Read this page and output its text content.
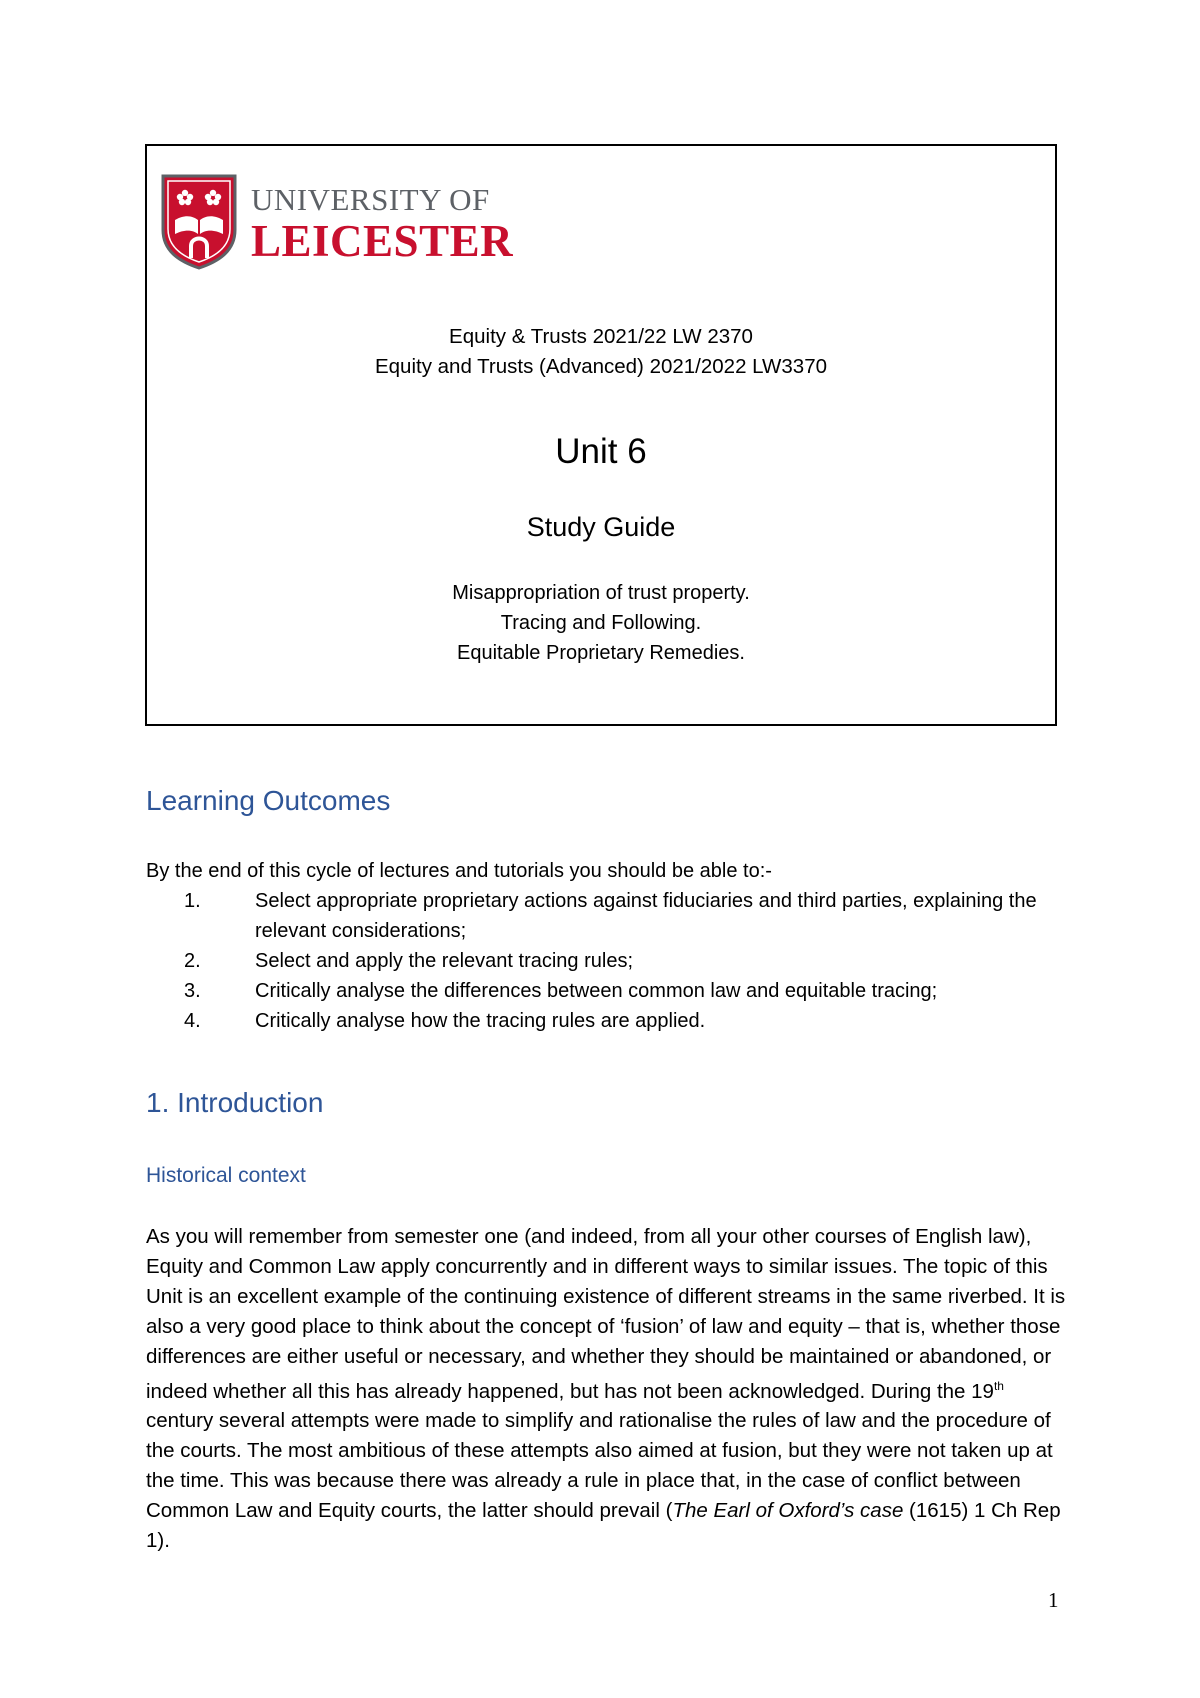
UNIVERSITY OF
LEICESTER
Equity & Trusts 2021/22 LW 2370
Equity and Trusts (Advanced) 2021/2022 LW3370
Unit 6
Study Guide
Misappropriation of trust property.
Tracing and Following.
Equitable Proprietary Remedies.
Learning Outcomes
By the end of this cycle of lectures and tutorials you should be able to:-
1.	Select appropriate proprietary actions against fiduciaries and third parties, explaining the relevant considerations;
2.	Select and apply the relevant tracing rules;
3.	Critically analyse the differences between common law and equitable tracing;
4.	Critically analyse how the tracing rules are applied.
1. Introduction
Historical context

As you will remember from semester one (and indeed, from all your other courses of English law), Equity and Common Law apply concurrently and in different ways to similar issues. The topic of this Unit is an excellent example of the continuing existence of different streams in the same riverbed. It is also a very good place to think about the concept of ‘fusion’ of law and equity – that is, whether those differences are either useful or necessary, and whether they should be maintained or abandoned, or indeed whether all this has already happened, but has not been acknowledged. During the 19th century several attempts were made to simplify and rationalise the rules of law and the procedure of the courts. The most ambitious of these attempts also aimed at fusion, but they were not taken up at the time. This was because there was already a rule in place that, in the case of conflict between Common Law and Equity courts, the latter should prevail (The Earl of Oxford’s case (1615) 1 Ch Rep 1).

1
